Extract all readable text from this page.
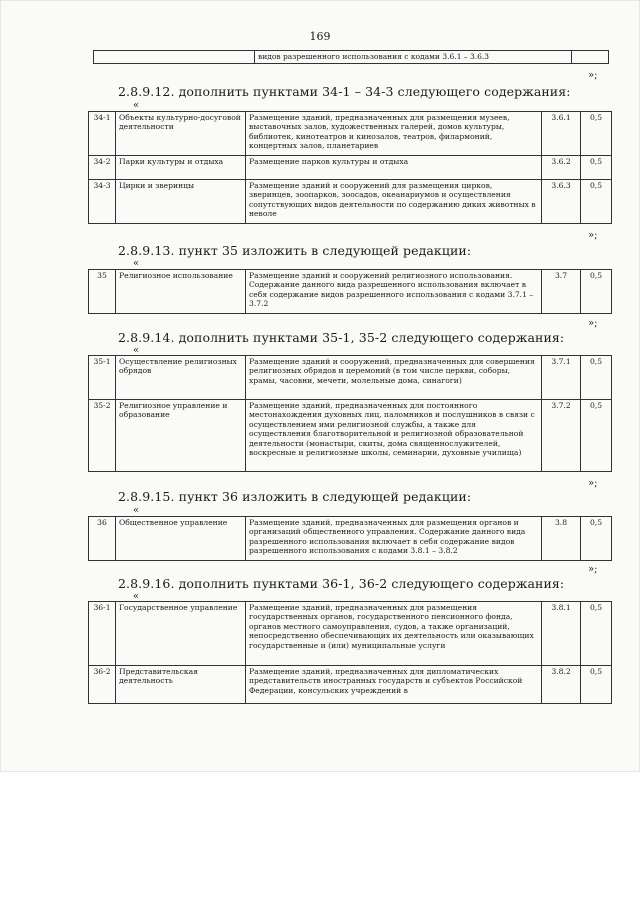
169
видов разрешенного использования с кодами 3.6.1 – 3.6.3
»;
2.8.9.12. дополнить пунктами 34-1 – 34-3 следующего содержания:
«
34-1	Объекты культурно-досуговой деятельности	Размещение зданий, предназначенных для размещения музеев, выставочных залов, художественных галерей, домов культуры, библиотек, кинотеатров и кинозалов, театров, филармоний, концертных залов, планетариев	3.6.1	0,5
34-2	Парки культуры и отдыха	Размещение парков культуры и отдыха	3.6.2	0,5
34-3	Цирки и зверинцы	Размещение зданий и сооружений для размещения цирков, зверинцев, зоопарков, зоосадов, океанариумов и осуществления сопутствующих видов деятельности по содержанию диких животных в неволе	3.6.3	0,5
»;
2.8.9.13. пункт 35 изложить в следующей редакции:
«
35	Религиозное использование	Размещение зданий и сооружений религиозного использования. Содержание данного вида разрешенного использования включает в себя содержание видов разрешенного использования с кодами 3.7.1 – 3.7.2	3.7	0,5
»;
2.8.9.14. дополнить пунктами 35-1, 35-2 следующего содержания:
«
35-1	Осуществление религиозных обрядов	Размещение зданий и сооружений, предназначенных для совершения религиозных обрядов и церемоний (в том числе церкви, соборы, храмы, часовни, мечети, молельные дома, синагоги)	3.7.1	0,5
35-2	Религиозное управление и образование	Размещение зданий, предназначенных для постоянного местонахождения духовных лиц, паломников и послушников в связи с осуществлением ими религиозной службы, а также для осуществления благотворительной и религиозной образовательной деятельности (монастыри, скиты, дома священнослужителей, воскресные и религиозные школы, семинарии, духовные училища)	3.7.2	0,5
»;
2.8.9.15. пункт 36 изложить в следующей редакции:
«
36	Общественное управление	Размещение зданий, предназначенных для размещения органов и организаций общественного управления. Содержание данного вида разрешенного использования включает в себя содержание видов разрешенного использования с кодами 3.8.1 – 3.8.2	3.8	0,5
»;
2.8.9.16. дополнить пунктами 36-1, 36-2 следующего содержания:
«
36-1	Государственное управление	Размещение зданий, предназначенных для размещения государственных органов, государственного пенсионного фонда, органов местного самоуправления, судов, а также организаций, непосредственно обеспечивающих их деятельность или оказывающих государственные и (или) муниципальные услуги	3.8.1	0,5
36-2	Представительская деятельность	Размещение зданий, предназначенных для дипломатических представительств иностранных государств и субъектов Российской Федерации, консульских учреждений в	3.8.2	0,5
